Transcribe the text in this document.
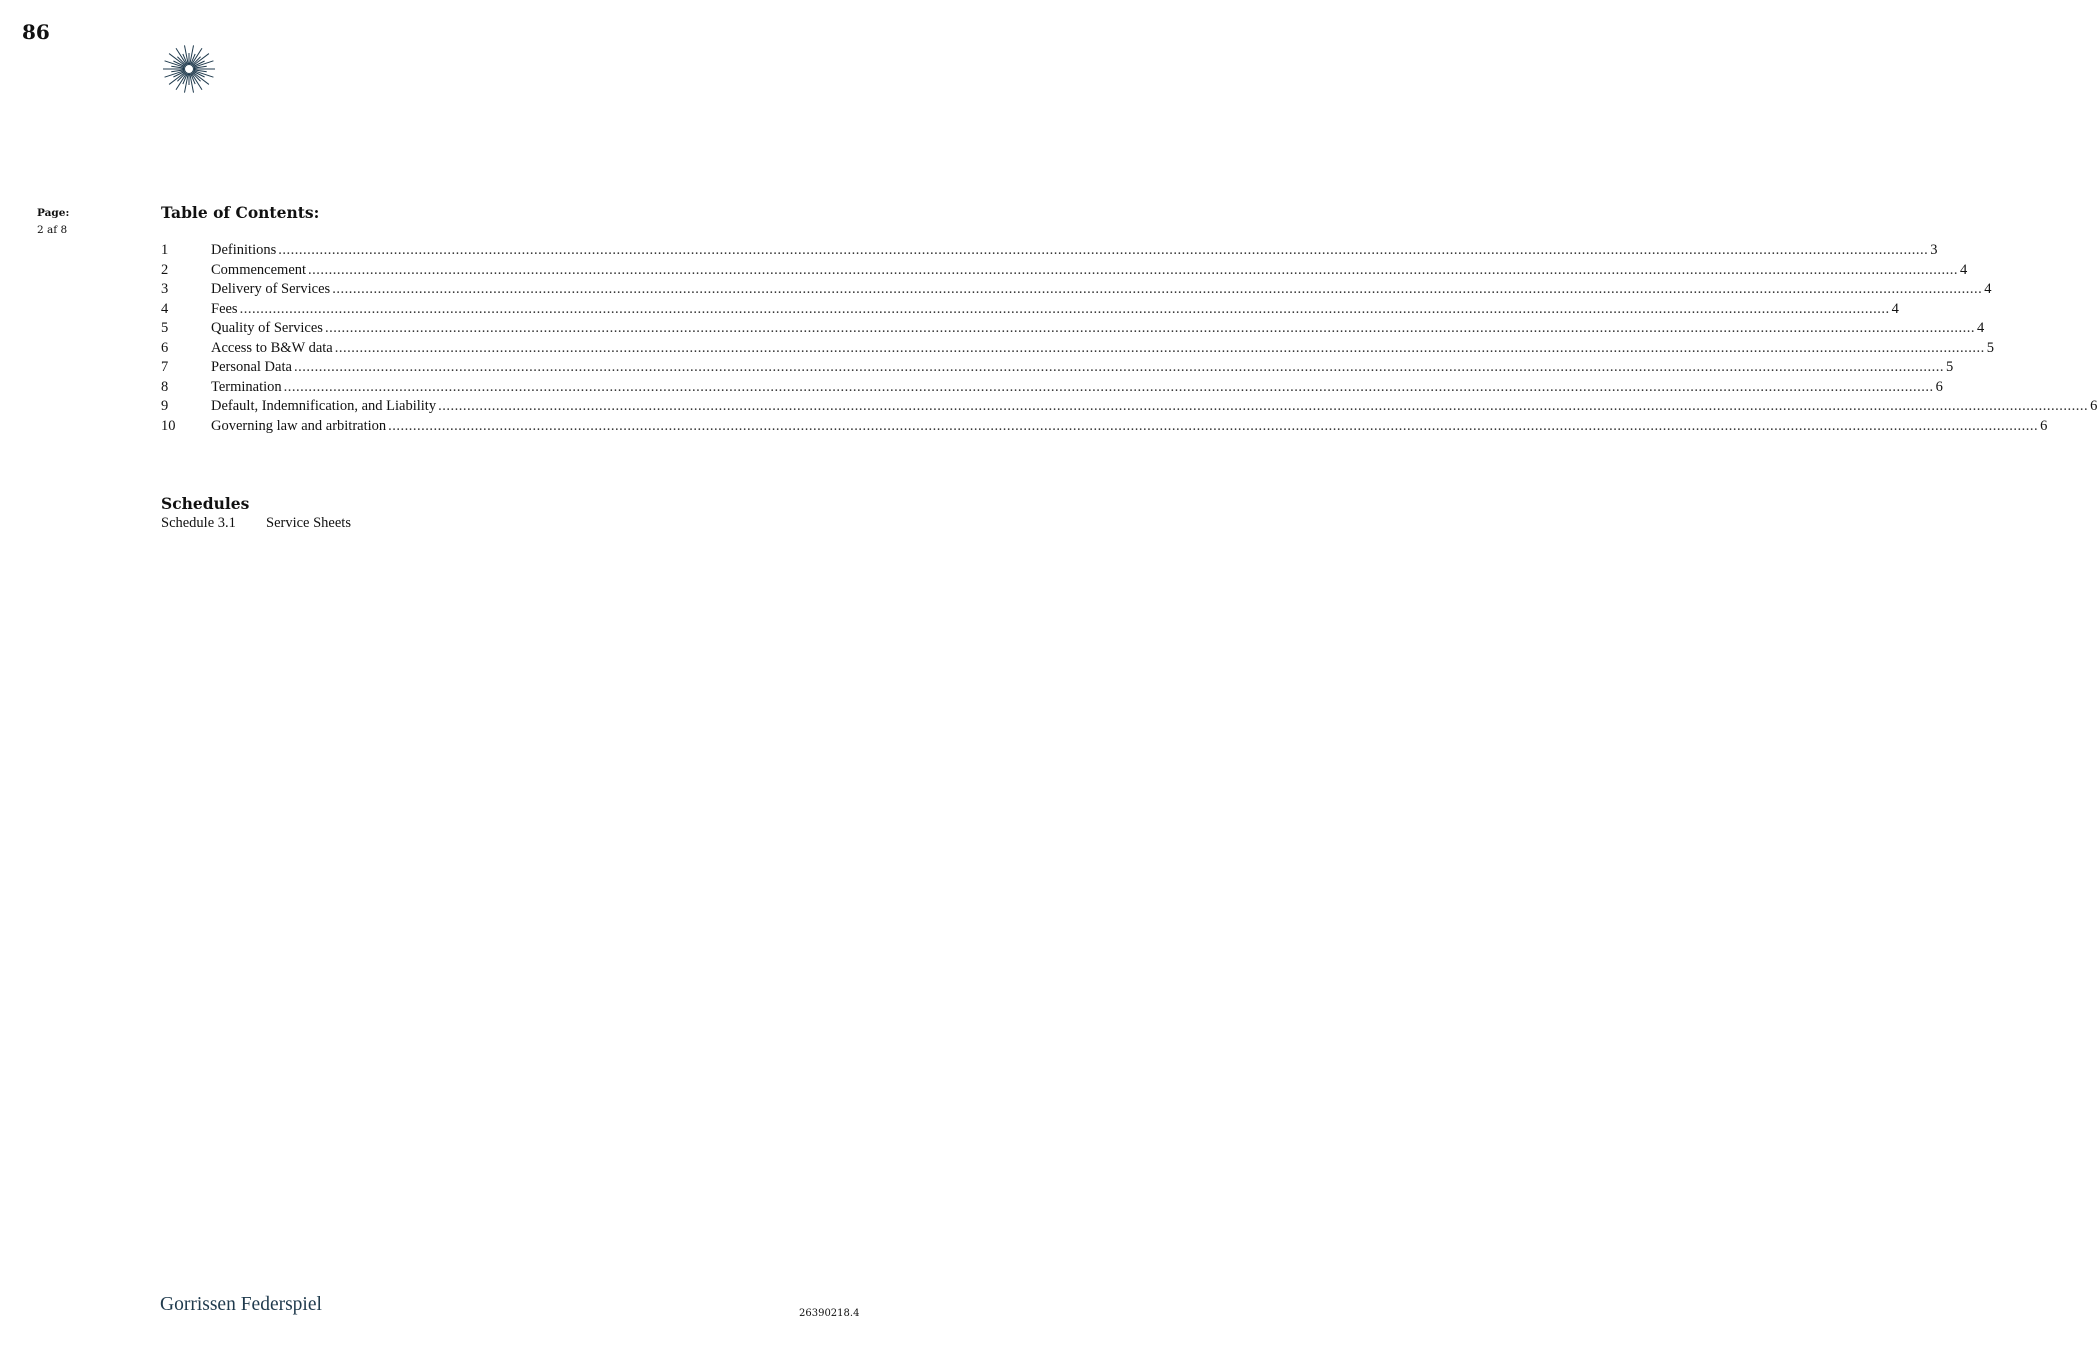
86
Page:
2 af 8
Table of Contents:
1	Definitions ................................................................................................................................................................................................................................................................................................................................................................................................................ 3
2	Commencement ................................................................................................................................................................................................................................................................................................................................................................................................................ 4
3	Delivery of Services ................................................................................................................................................................................................................................................................................................................................................................................................................ 4
4	Fees ................................................................................................................................................................................................................................................................................................................................................................................................................ 4
5	Quality of Services ................................................................................................................................................................................................................................................................................................................................................................................................................ 4
6	Access to B&W data ................................................................................................................................................................................................................................................................................................................................................................................................................ 5
7	Personal Data ................................................................................................................................................................................................................................................................................................................................................................................................................ 5
8	Termination ................................................................................................................................................................................................................................................................................................................................................................................................................ 6
9	Default, Indemnification, and Liability ................................................................................................................................................................................................................................................................................................................................................................................................................ 6
10	Governing law and arbitration ................................................................................................................................................................................................................................................................................................................................................................................................................ 6
Schedules
Schedule 3.1	Service Sheets
Gorrissen Federspiel	26390218.4
